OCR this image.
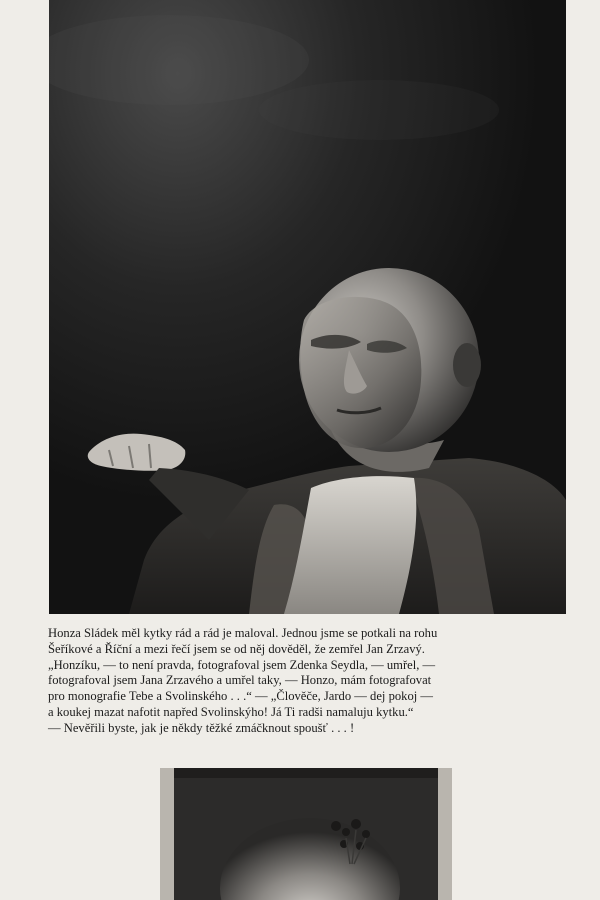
Honza Sládek měl kytky rád a rád je maloval. Jednou jsme se potkali na rohu
Šeříkové a Říční a mezi řečí jsem se od něj dověděl, že zemřel Jan Zrzavý.
„Honzíku, — to není pravda, fotografoval jsem Zdenka Seydla, — umřel, —
fotografoval jsem Jana Zrzavého a umřel taky, — Honzo, mám fotografovat
pro monografie Tebe a Svolinského . . .“ — „Člověče, Jardo — dej pokoj —
a koukej mazat nafotit napřed Svolinskýho! Já Ti radši namaluju kytku.“
— Nevěřili byste, jak je někdy těžké zmáčknout spoušť . . . !
